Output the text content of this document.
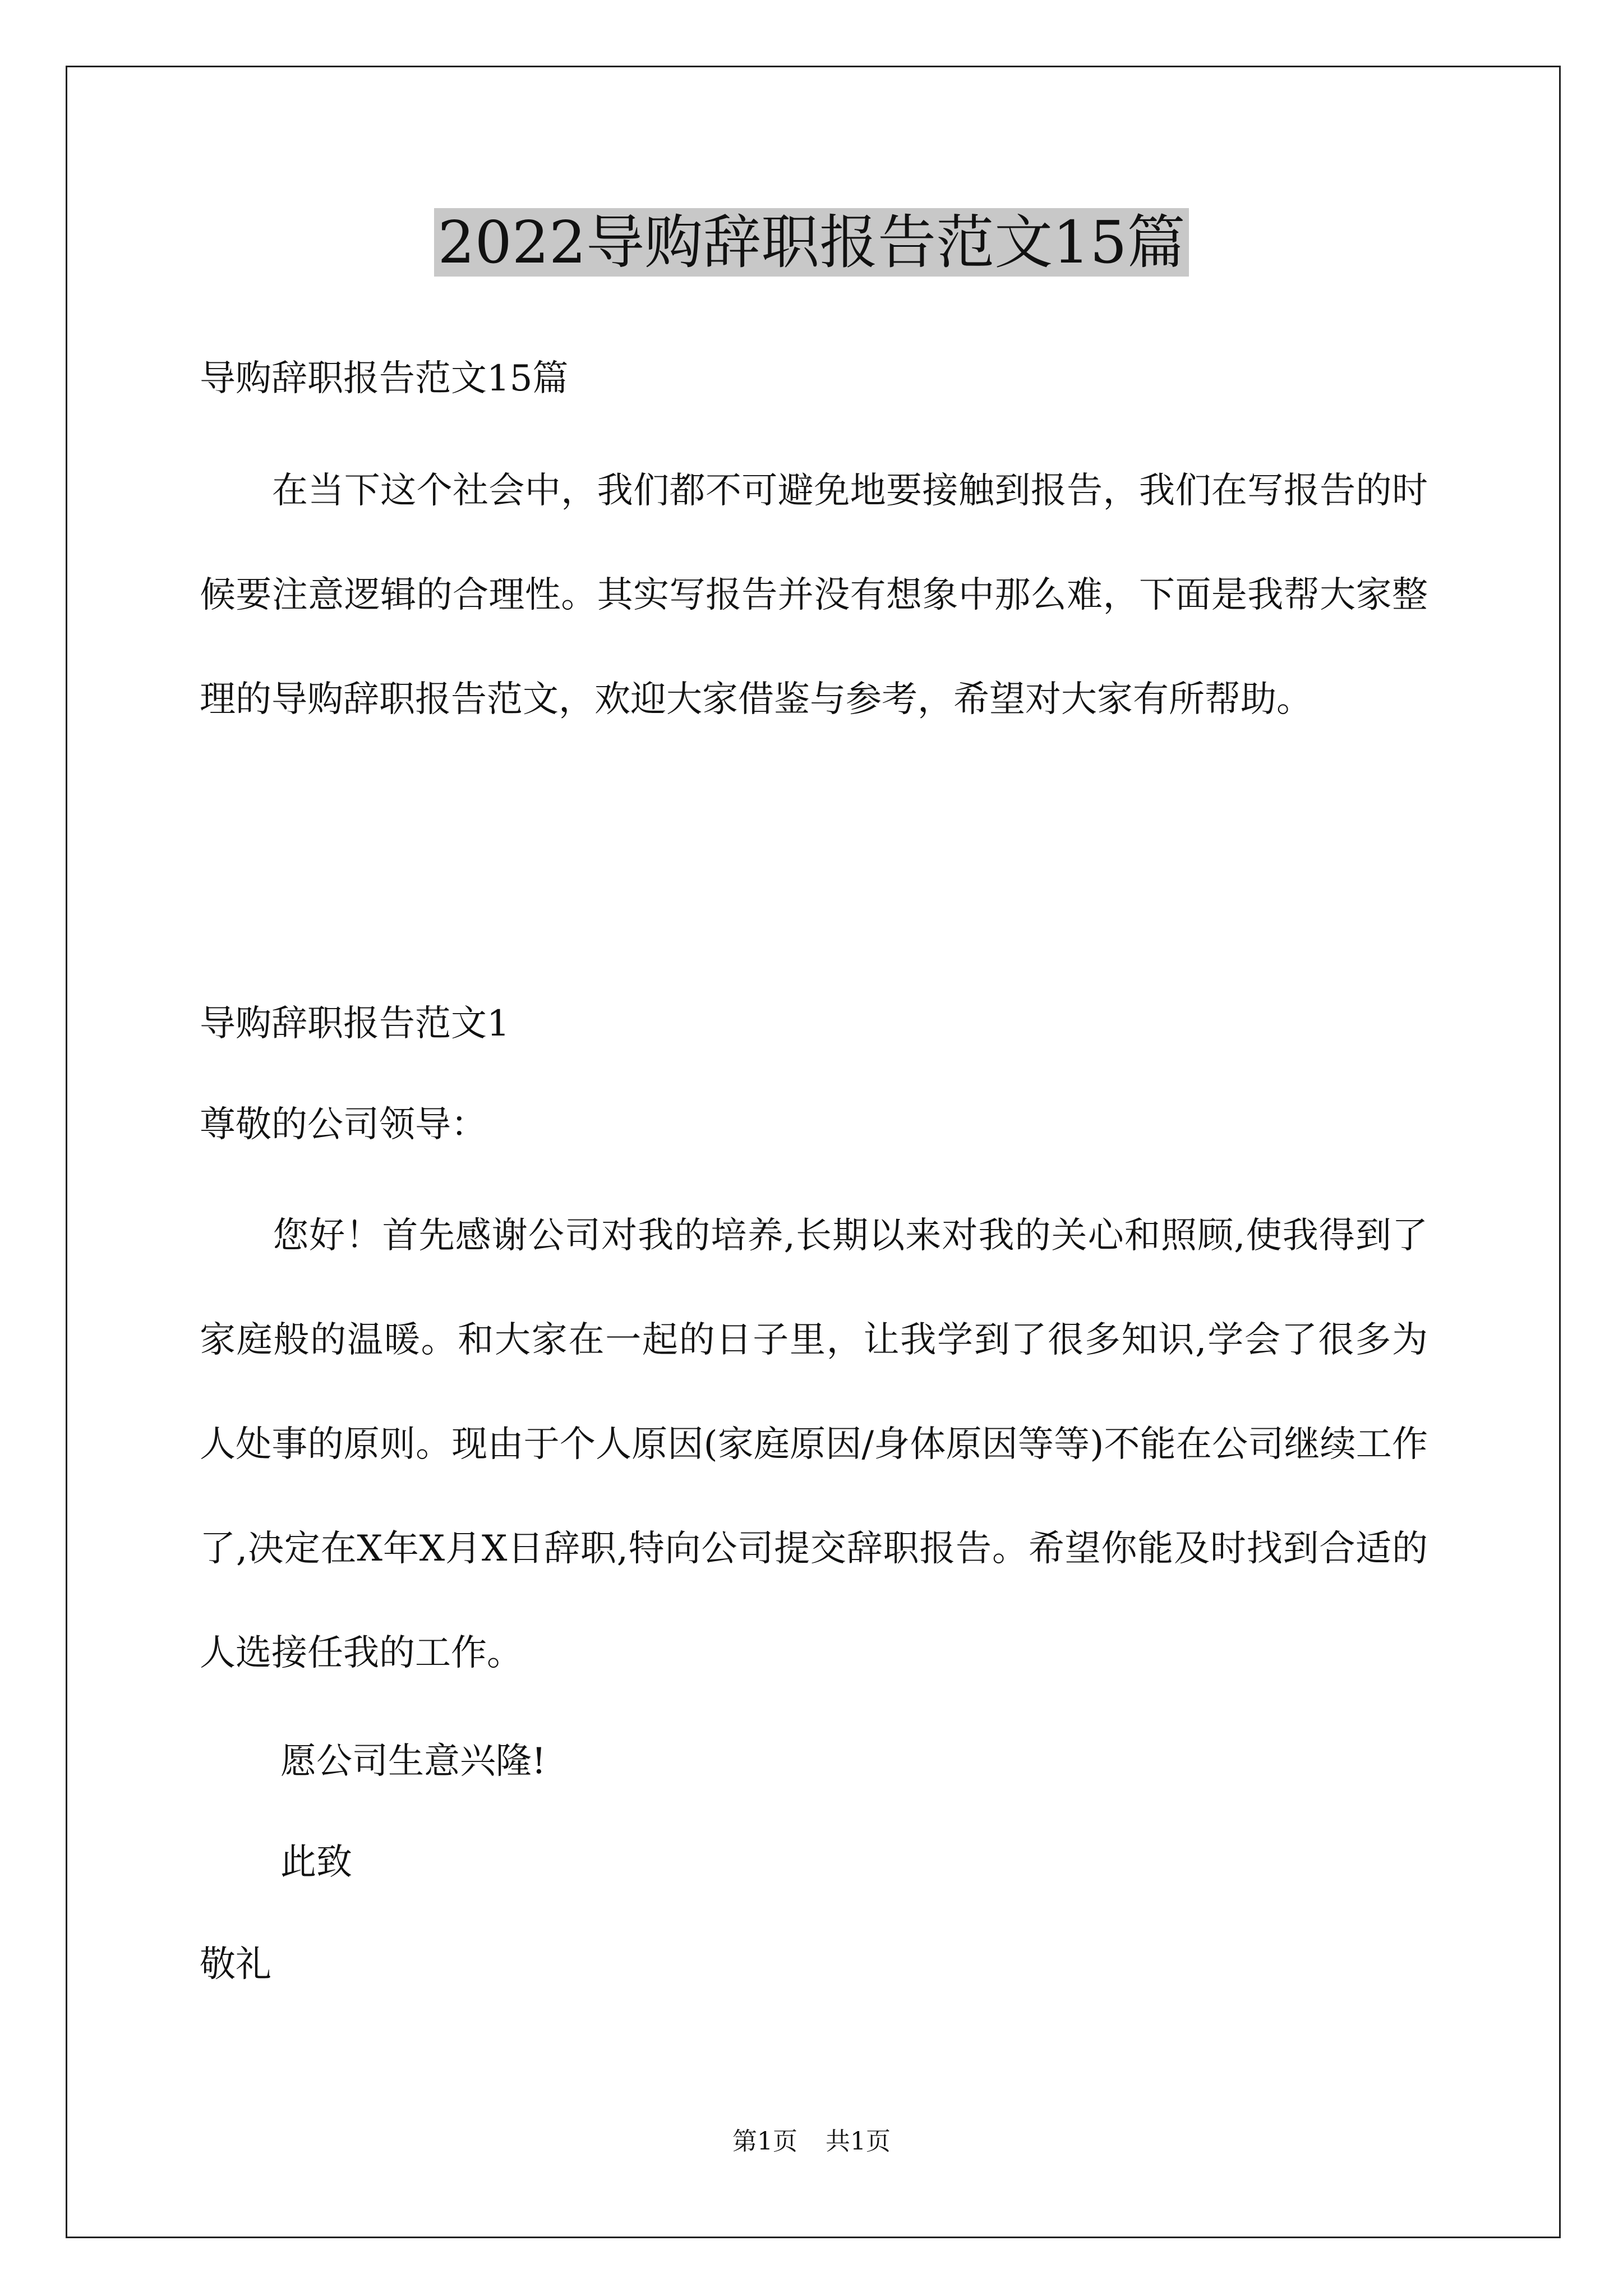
2022导购辞职报告范文15篇
导购辞职报告范文15篇
　　在当下这个社会中，我们都不可避免地要接触到报告，我们在写报告的时候要注意逻辑的合理性。其实写报告并没有想象中那么难，下面是我帮大家整理的导购辞职报告范文，欢迎大家借鉴与参考，希望对大家有所帮助。
导购辞职报告范文1
尊敬的公司领导：
　　您好！首先感谢公司对我的培养,长期以来对我的关心和照顾,使我得到了家庭般的温暖。和大家在一起的日子里，让我学到了很多知识,学会了很多为人处事的原则。现由于个人原因(家庭原因/身体原因等等)不能在公司继续工作了,决定在X年X月X日辞职,特向公司提交辞职报告。希望你能及时找到合适的人选接任我的工作。
愿公司生意兴隆!
此致
敬礼
第1页 共1页
